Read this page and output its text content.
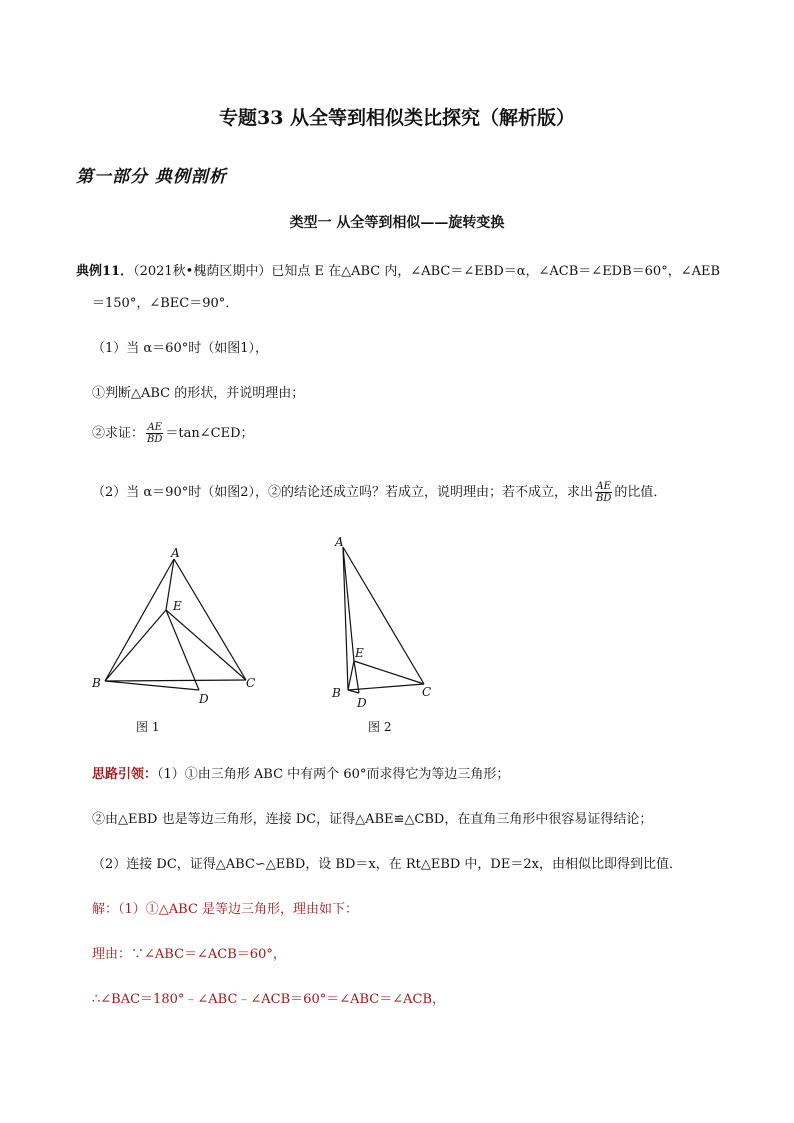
专题33 从全等到相似类比探究（解析版）
第一部分 典例剖析
类型一 从全等到相似——旋转变换
典例11．（2021秋•槐荫区期中）已知点 E 在△ABC 内，∠ABC＝∠EBD＝α，∠ACB＝∠EDB＝60°，∠AEB
＝150°，∠BEC＝90°．
（1）当 α＝60°时（如图1），
①判断△ABC 的形状，并说明理由；
②求证： $\frac{AE}{BD}$ ＝tan∠CED；
（2）当 α＝90°时（如图2），②的结论还成立吗？若成立，说明理由；若不成立，求出 $\frac{AE}{BD}$ 的比值．
A
E
B	C
D
图 1
A
E
B	C
D
图 2
思路引领：（1）①由三角形 ABC 中有两个 60°而求得它为等边三角形；
②由△EBD 也是等边三角形，连接 DC，证得△ABE≌△CBD，在直角三角形中很容易证得结论；
（2）连接 DC，证得△ABC∽△EBD，设 BD＝x，在 Rt△EBD 中，DE＝2x，由相似比即得到比值．
解：（1）①△ABC 是等边三角形，理由如下：
理由：∵∠ABC＝∠ACB＝60°，
∴∠BAC＝180°﹣∠ABC﹣∠ACB＝60°＝∠ABC＝∠ACB，
